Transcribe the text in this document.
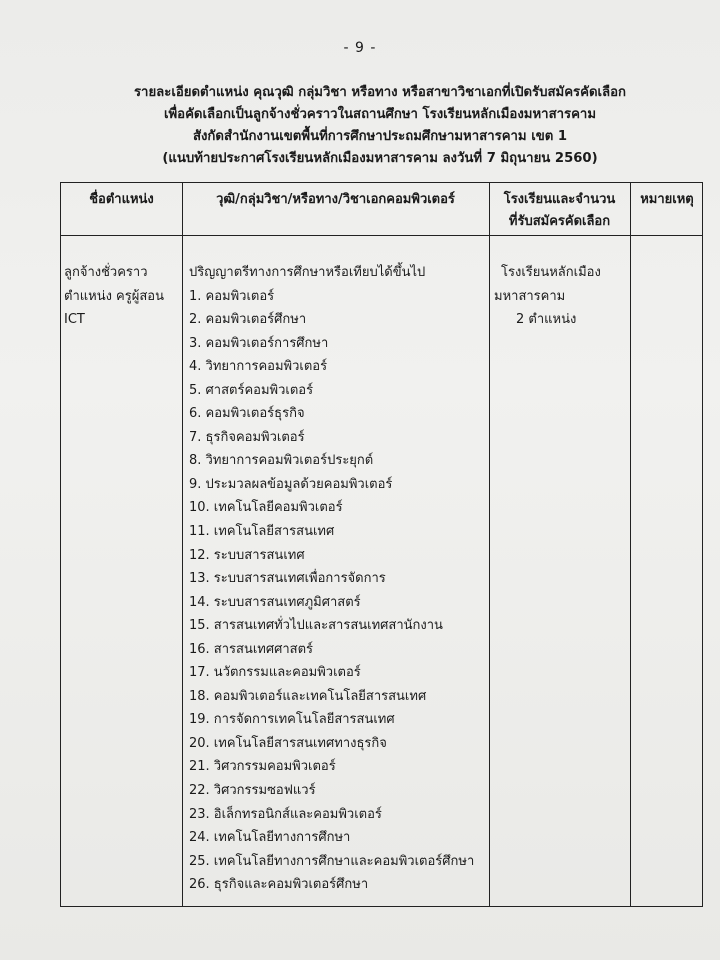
- 9 -
รายละเอียดตำแหน่ง คุณวุฒิ กลุ่มวิชา หรือทาง หรือสาขาวิชาเอกที่เปิดรับสมัครคัดเลือก
เพื่อคัดเลือกเป็นลูกจ้างชั่วคราวในสถานศึกษา โรงเรียนหลักเมืองมหาสารคาม
สังกัดสำนักงานเขตพื้นที่การศึกษาประถมศึกษามหาสารคาม เขต 1
(แนบท้ายประกาศโรงเรียนหลักเมืองมหาสารคาม ลงวันที่ 7 มิถุนายน 2560)
ชื่อตำแหน่ง	วุฒิ/กลุ่มวิชา/หรือทาง/วิชาเอกคอมพิวเตอร์	โรงเรียนและจำนวน
ที่รับสมัครคัดเลือก
หมายเหตุ
ลูกจ้างชั่วคราว
ตำแหน่ง ครูผู้สอน
ICT
ปริญญาตรีทางการศึกษาหรือเทียบได้ขึ้นไป
1. คอมพิวเตอร์
2. คอมพิวเตอร์ศึกษา
3. คอมพิวเตอร์การศึกษา
4. วิทยาการคอมพิวเตอร์
5. ศาสตร์คอมพิวเตอร์
6. คอมพิวเตอร์ธุรกิจ
7. ธุรกิจคอมพิวเตอร์
8. วิทยาการคอมพิวเตอร์ประยุกต์
9. ประมวลผลข้อมูลด้วยคอมพิวเตอร์
10. เทคโนโลยีคอมพิวเตอร์
11. เทคโนโลยีสารสนเทศ
12. ระบบสารสนเทศ
13. ระบบสารสนเทศเพื่อการจัดการ
14. ระบบสารสนเทศภูมิศาสตร์
15. สารสนเทศทั่วไปและสารสนเทศสานักงาน
16. สารสนเทศศาสตร์
17. นวัตกรรมและคอมพิวเตอร์
18. คอมพิวเตอร์และเทคโนโลยีสารสนเทศ
19. การจัดการเทคโนโลยีสารสนเทศ
20. เทคโนโลยีสารสนเทศทางธุรกิจ
21. วิศวกรรมคอมพิวเตอร์
22. วิศวกรรมซอฟแวร์
23. อิเล็กทรอนิกส์และคอมพิวเตอร์
24. เทคโนโลยีทางการศึกษา
25. เทคโนโลยีทางการศึกษาและคอมพิวเตอร์ศึกษา
26. ธุรกิจและคอมพิวเตอร์ศึกษา
โรงเรียนหลักเมือง
มหาสารคาม
2 ตำแหน่ง
